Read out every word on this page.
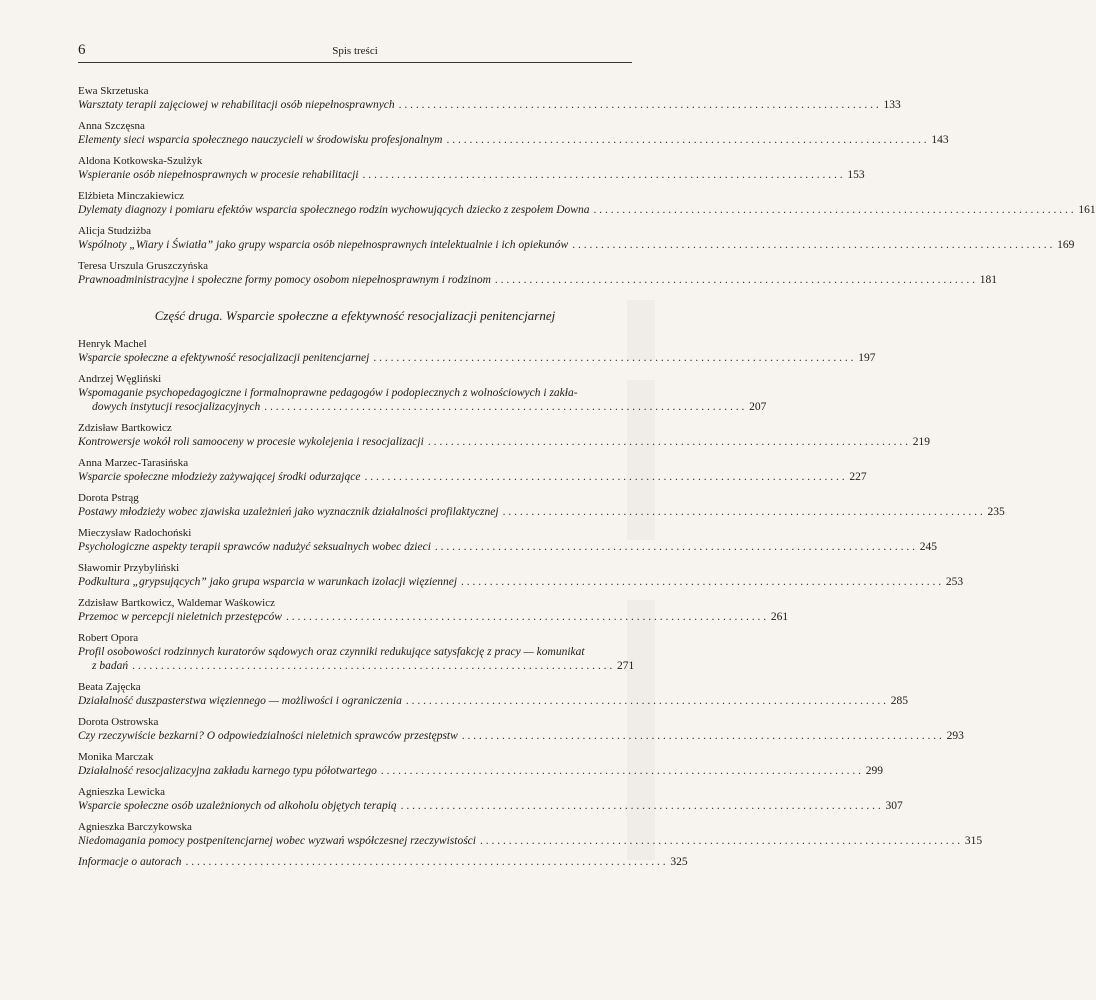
6	Spis treści
Ewa Skrzetuska
Warsztaty terapii zajęciowej w rehabilitacji osób niepełnosprawnych . . .	133
Anna Szczęsna
Elementy sieci wsparcia społecznego nauczycieli w środowisku profesjonalnym . . .	143
Aldona Kotkowska-Szulżyk
Wspieranie osób niepełnosprawnych w procesie rehabilitacji . . .	153
Elżbieta Minczakiewicz
Dylematy diagnozy i pomiaru efektów wsparcia społecznego rodzin wychowujących dziecko z zespołem Downa . . .	161
Alicja Studziżba
Wspólnoty „Wiary i Światła” jako grupy wsparcia osób niepełnosprawnych intelektualnie i ich opiekunów . . .	169
Teresa Urszula Gruszczyńska
Prawnoadministracyjne i społeczne formy pomocy osobom niepełnosprawnym i rodzinom . . .	181
Część druga. Wsparcie społeczne a efektywność resocjalizacji penitencjarnej
Henryk Machel
Wsparcie społeczne a efektywność resocjalizacji penitencjarnej . . .	197
Andrzej Węgliński
Wspomaganie psychopedagogiczne i formalnoprawne pedagogów i podopiecznych z wolnościowych i zakła-
dowych instytucji resocjalizacyjnych . . .	207
Zdzisław Bartkowicz
Kontrowersje wokół roli samooceny w procesie wykolejenia i resocjalizacji . . .	219
Anna Marzec-Tarasińska
Wsparcie społeczne młodzieży zażywającej środki odurzające . . .	227
Dorota Pstrąg
Postawy młodzieży wobec zjawiska uzależnień jako wyznacznik działalności profilaktycznej . . .	235
Mieczysław Radochoński
Psychologiczne aspekty terapii sprawców nadużyć seksualnych wobec dzieci . . .	245
Sławomir Przybyliński
Podkultura „grypsujących” jako grupa wsparcia w warunkach izolacji więziennej . . .	253
Zdzisław Bartkowicz, Waldemar Waśkowicz
Przemoc w percepcji nieletnich przestępców . . .	261
Robert Opora
Profil osobowości rodzinnych kuratorów sądowych oraz czynniki redukujące satysfakcję z pracy — komunikat
z badań . . .	271
Beata Zajęcka
Działalność duszpasterstwa więziennego — możliwości i ograniczenia . . .	285
Dorota Ostrowska
Czy rzeczywiście bezkarni? O odpowiedzialności nieletnich sprawców przestępstw . . .	293
Monika Marczak
Działalność resocjalizacyjna zakładu karnego typu półotwartego . . .	299
Agnieszka Lewicka
Wsparcie społeczne osób uzależnionych od alkoholu objętych terapią . . .	307
Agnieszka Barczykowska
Niedomagania pomocy postpenitencjarnej wobec wyzwań współczesnej rzeczywistości . . .	315
Informacje o autorach . . .	325
